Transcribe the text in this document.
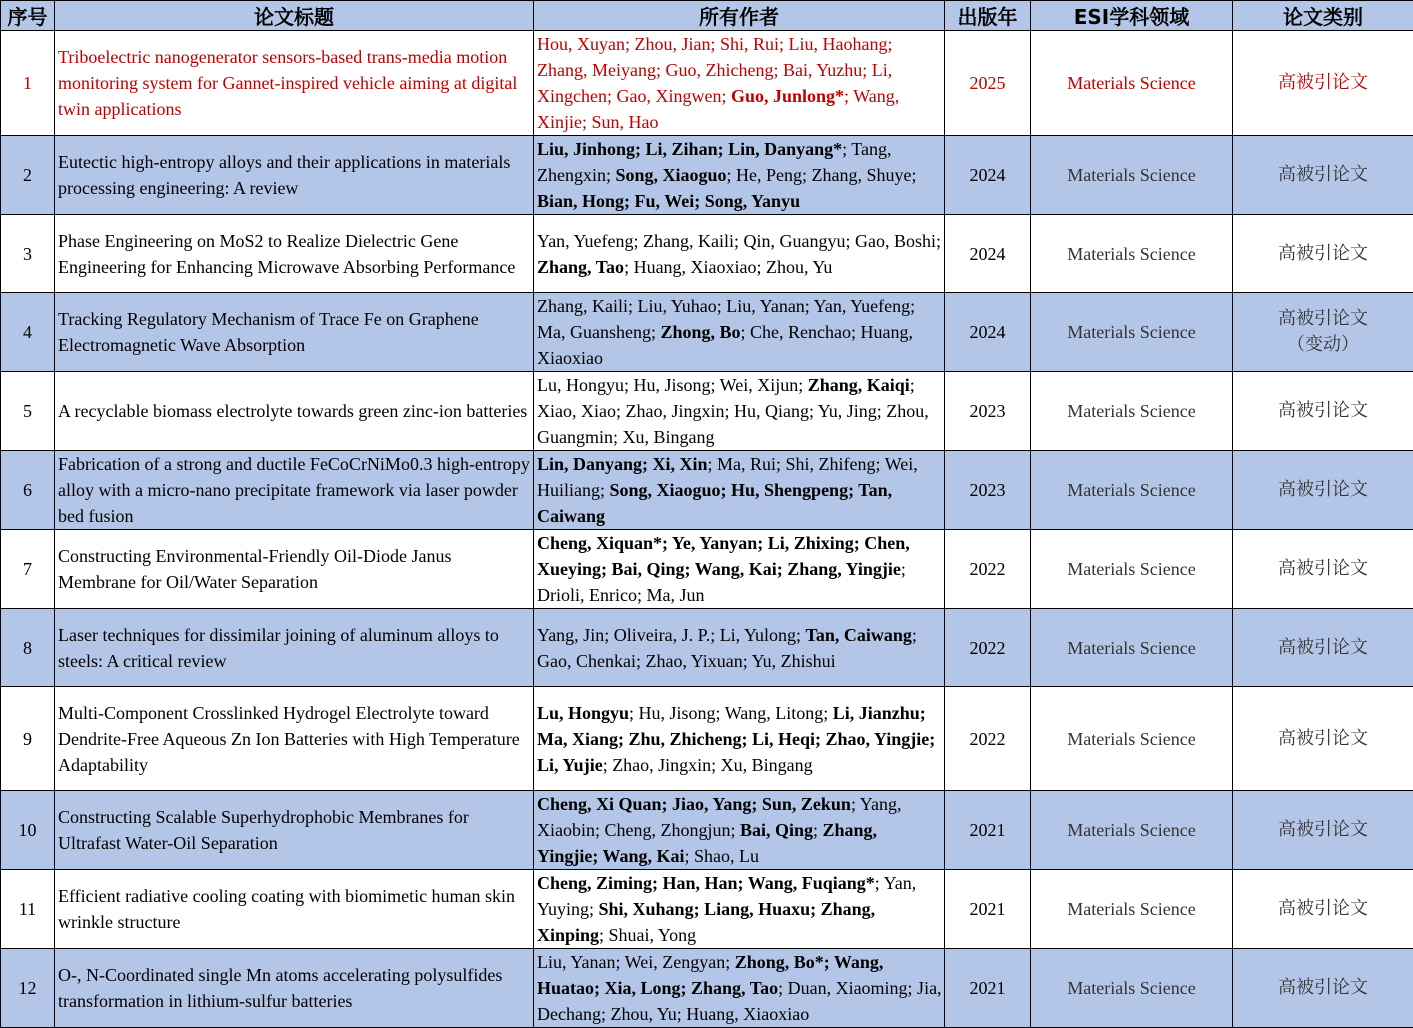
序号	论文标题	所有作者	出版年	ESI学科领域	论文类别
1	Triboelectric nanogenerator sensors-based trans-media motion monitoring system for Gannet-inspired vehicle aiming at digital twin applications	Hou, Xuyan; Zhou, Jian; Shi, Rui; Liu, Haohang; Zhang, Meiyang; Guo, Zhicheng; Bai, Yuzhu; Li, Xingchen; Gao, Xingwen; Guo, Junlong*; Wang, Xinjie; Sun, Hao	2025	Materials Science	高被引论文

2	Eutectic high-entropy alloys and their applications in materials processing engineering: A review	Liu, Jinhong; Li, Zihan; Lin, Danyang*; Tang, Zhengxin; Song, Xiaoguo; He, Peng; Zhang, Shuye; Bian, Hong; Fu, Wei; Song, Yanyu	2024	Materials Science	高被引论文

3	Phase Engineering on MoS2 to Realize Dielectric Gene Engineering for Enhancing Microwave Absorbing Performance	Yan, Yuefeng; Zhang, Kaili; Qin, Guangyu; Gao, Boshi; Zhang, Tao; Huang, Xiaoxiao; Zhou, Yu	2024	Materials Science	高被引论文

4	Tracking Regulatory Mechanism of Trace Fe on Graphene Electromagnetic Wave Absorption	Zhang, Kaili; Liu, Yuhao; Liu, Yanan; Yan, Yuefeng; Ma, Guansheng; Zhong, Bo; Che, Renchao; Huang, Xiaoxiao	2024	Materials Science	高被引论文
（变动）

5	A recyclable biomass electrolyte towards green zinc-ion batteries	Lu, Hongyu; Hu, Jisong; Wei, Xijun; Zhang, Kaiqi; Xiao, Xiao; Zhao, Jingxin; Hu, Qiang; Yu, Jing; Zhou, Guangmin; Xu, Bingang	2023	Materials Science	高被引论文

6	Fabrication of a strong and ductile FeCoCrNiMo0.3 high-entropy alloy with a micro-nano precipitate framework via laser powder bed fusion	Lin, Danyang; Xi, Xin; Ma, Rui; Shi, Zhifeng; Wei, Huiliang; Song, Xiaoguo; Hu, Shengpeng; Tan, Caiwang	2023	Materials Science	高被引论文

7	Constructing Environmental-Friendly Oil-Diode Janus Membrane for Oil/Water Separation	Cheng, Xiquan*; Ye, Yanyan; Li, Zhixing; Chen, Xueying; Bai, Qing; Wang, Kai; Zhang, Yingjie; Drioli, Enrico; Ma, Jun	2022	Materials Science	高被引论文

8	Laser techniques for dissimilar joining of aluminum alloys to steels: A critical review	Yang, Jin; Oliveira, J. P.; Li, Yulong; Tan, Caiwang; Gao, Chenkai; Zhao, Yixuan; Yu, Zhishui	2022	Materials Science	高被引论文

9	Multi-Component Crosslinked Hydrogel Electrolyte toward Dendrite-Free Aqueous Zn Ion Batteries with High Temperature Adaptability	Lu, Hongyu; Hu, Jisong; Wang, Litong; Li, Jianzhu; Ma, Xiang; Zhu, Zhicheng; Li, Heqi; Zhao, Yingjie; Li, Yujie; Zhao, Jingxin; Xu, Bingang	2022	Materials Science	高被引论文

10	Constructing Scalable Superhydrophobic Membranes for Ultrafast Water-Oil Separation	Cheng, Xi Quan; Jiao, Yang; Sun, Zekun; Yang, Xiaobin; Cheng, Zhongjun; Bai, Qing; Zhang, Yingjie; Wang, Kai; Shao, Lu	2021	Materials Science	高被引论文

11	Efficient radiative cooling coating with biomimetic human skin wrinkle structure	Cheng, Ziming; Han, Han; Wang, Fuqiang*; Yan, Yuying; Shi, Xuhang; Liang, Huaxu; Zhang, Xinping; Shuai, Yong	2021	Materials Science	高被引论文

12	O-, N-Coordinated single Mn atoms accelerating polysulfides transformation in lithium-sulfur batteries	Liu, Yanan; Wei, Zengyan; Zhong, Bo*; Wang, Huatao; Xia, Long; Zhang, Tao; Duan, Xiaoming; Jia, Dechang; Zhou, Yu; Huang, Xiaoxiao	2021	Materials Science	高被引论文
